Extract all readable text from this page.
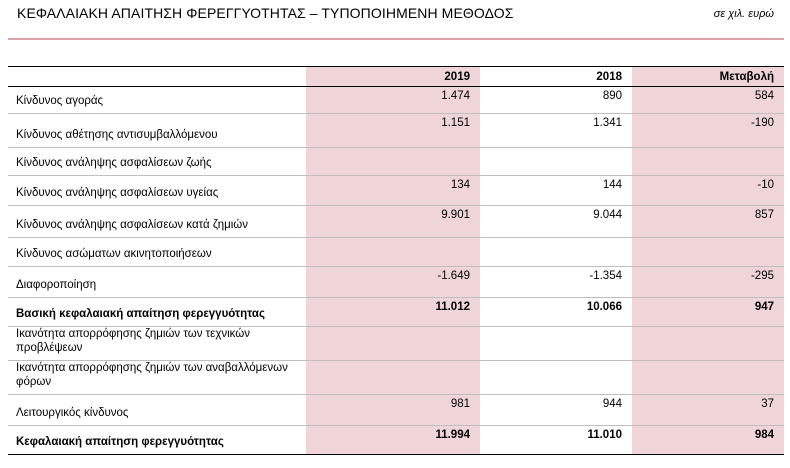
ΚΕΦΑΛΑΙΑΚΗ ΑΠΑΙΤΗΣΗ ΦΕΡΕΓΓΥΟΤΗΤΑΣ – ΤΥΠΟΠΟΙΗΜΕΝΗ ΜΕΘΟΔΟΣ	σε χιλ. ευρώ
	2019	2018	Μεταβολή
Κίνδυνος αγοράς	1.474	890	584
Κίνδυνος αθέτησης αντισυμβαλλόμενου	1.151	1.341	-190
Κίνδυνος ανάληψης ασφαλίσεων ζωής			
Κίνδυνος ανάληψης ασφαλίσεων υγείας	134	144	-10
Κίνδυνος ανάληψης ασφαλίσεων κατά ζημιών	9.901	9.044	857
Κίνδυνος ασώματων ακινητοποιήσεων			
Διαφοροποίηση	-1.649	-1.354	-295
Βασική κεφαλαιακή απαίτηση φερεγγυότητας	11.012	10.066	947
Ικανότητα απορρόφησης ζημιών των τεχνικών προβλέψεων			
Ικανότητα απορρόφησης ζημιών των αναβαλλόμενων φόρων			
Λειτουργικός κίνδυνος	981	944	37
Κεφαλαιακή απαίτηση φερεγγυότητας	11.994	11.010	984
